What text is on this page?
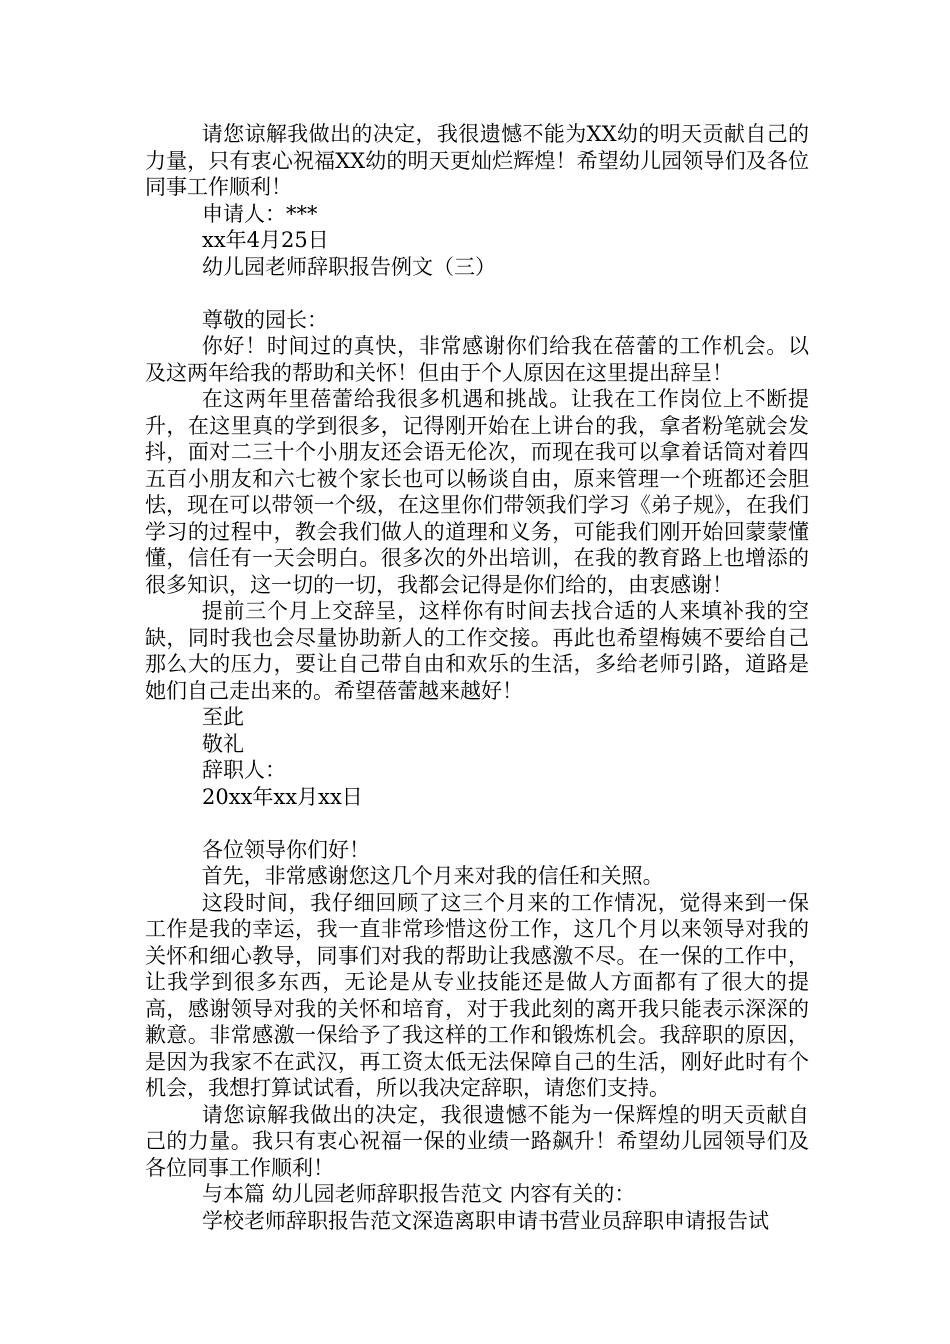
请您谅解我做出的决定，我很遗憾不能为XX幼的明天贡献自己的力量，只有衷心祝福XX幼的明天更灿烂辉煌！希望幼儿园领导们及各位同事工作顺利！

申请人：***

xx年4月25日

幼儿园老师辞职报告例文（三）

尊敬的园长：

你好！时间过的真快，非常感谢你们给我在蓓蕾的工作机会。以及这两年给我的帮助和关怀！但由于个人原因在这里提出辞呈！

在这两年里蓓蕾给我很多机遇和挑战。让我在工作岗位上不断提升，在这里真的学到很多，记得刚开始在上讲台的我，拿者粉笔就会发抖，面对二三十个小朋友还会语无伦次，而现在我可以拿着话筒对着四五百小朋友和六七被个家长也可以畅谈自由，原来管理一个班都还会胆怯，现在可以带领一个级，在这里你们带领我们学习《弟子规》，在我们学习的过程中，教会我们做人的道理和义务，可能我们刚开始回蒙蒙懂懂，信任有一天会明白。很多次的外出培训，在我的教育路上也增添的很多知识，这一切的一切，我都会记得是你们给的，由衷感谢！

提前三个月上交辞呈，这样你有时间去找合适的人来填补我的空缺，同时我也会尽量协助新人的工作交接。再此也希望梅姨不要给自己那么大的压力，要让自己带自由和欢乐的生活，多给老师引路，道路是她们自己走出来的。希望蓓蕾越来越好！

至此

敬礼

辞职人：

20xx年xx月xx日

各位领导你们好！

首先，非常感谢您这几个月来对我的信任和关照。

这段时间，我仔细回顾了这三个月来的工作情况，觉得来到一保工作是我的幸运，我一直非常珍惜这份工作，这几个月以来领导对我的关怀和细心教导，同事们对我的帮助让我感激不尽。在一保的工作中，让我学到很多东西，无论是从专业技能还是做人方面都有了很大的提高，感谢领导对我的关怀和培育，对于我此刻的离开我只能表示深深的歉意。非常感激一保给予了我这样的工作和锻炼机会。我辞职的原因，是因为我家不在武汉，再工资太低无法保障自己的生活，刚好此时有个机会，我想打算试试看，所以我决定辞职，请您们支持。

请您谅解我做出的决定，我很遗憾不能为一保辉煌的明天贡献自己的力量。我只有衷心祝福一保的业绩一路飙升！希望幼儿园领导们及各位同事工作顺利！

与本篇 幼儿园老师辞职报告范文 内容有关的：

学校老师辞职报告范文深造离职申请书营业员辞职申请报告试
